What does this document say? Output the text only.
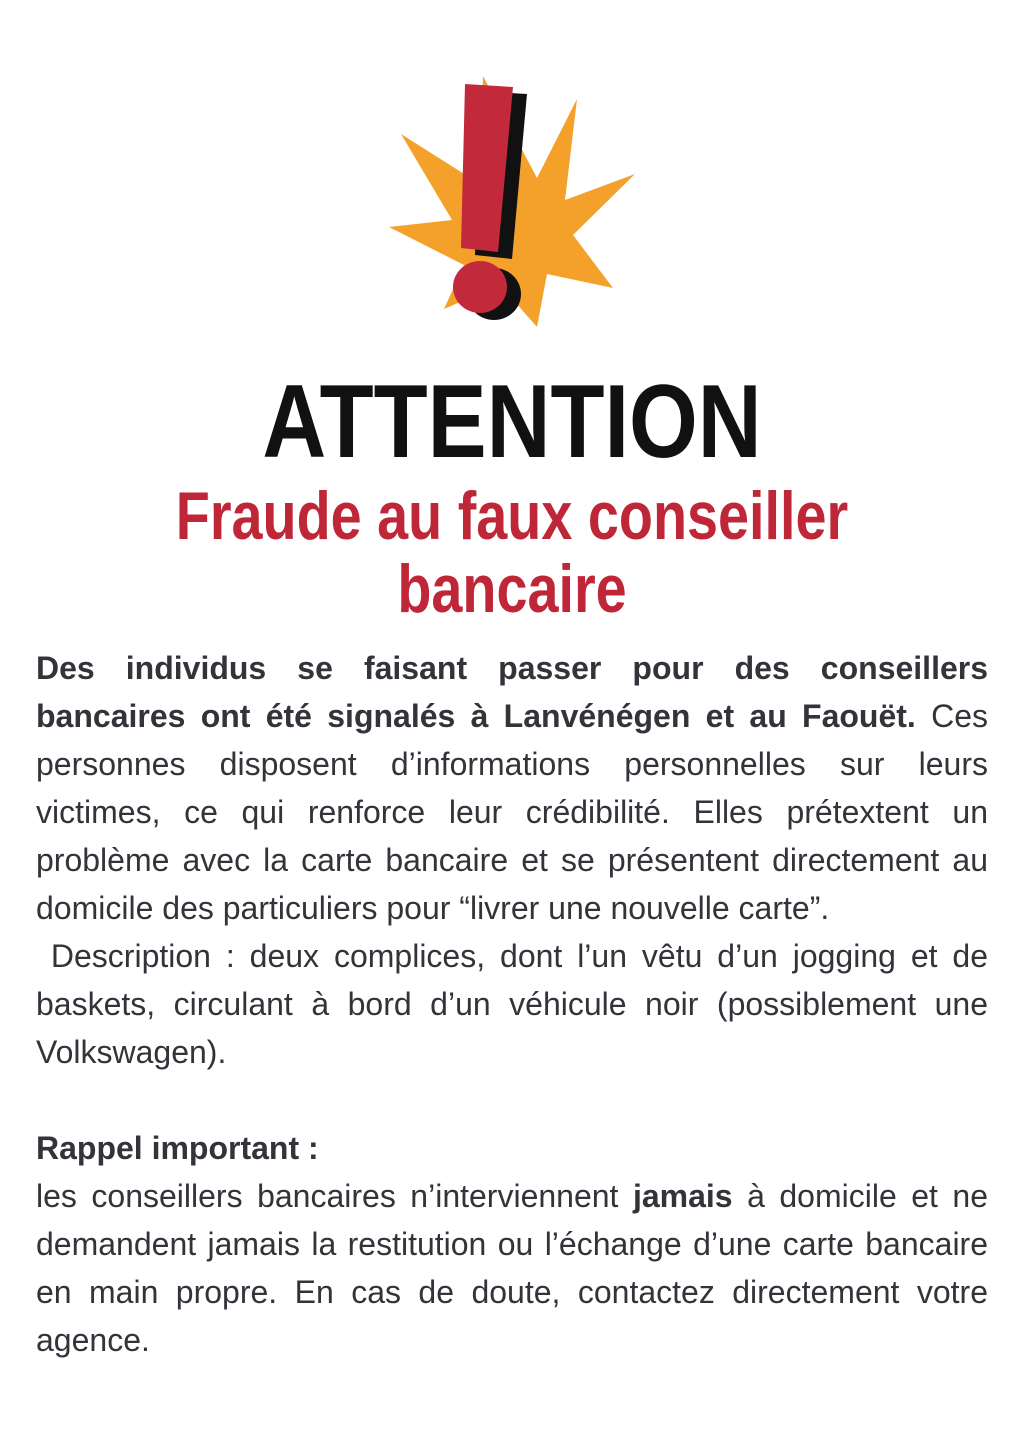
ATTENTION
Fraude au faux conseiller bancaire

Des individus se faisant passer pour des conseillers bancaires ont été signalés à Lanvénégen et au Faouët. Ces personnes disposent d’informations personnelles sur leurs victimes, ce qui renforce leur crédibilité. Elles prétextent un problème avec la carte bancaire et se présentent directement au domicile des particuliers pour “livrer une nouvelle carte”.

Description : deux complices, dont l’un vêtu d’un jogging et de baskets, circulant à bord d’un véhicule noir (possiblement une Volkswagen).

Rappel important :

les conseillers bancaires n’interviennent jamais à domicile et ne demandent jamais la restitution ou l’échange d’une carte bancaire en main propre. En cas de doute, contactez directement votre agence.
